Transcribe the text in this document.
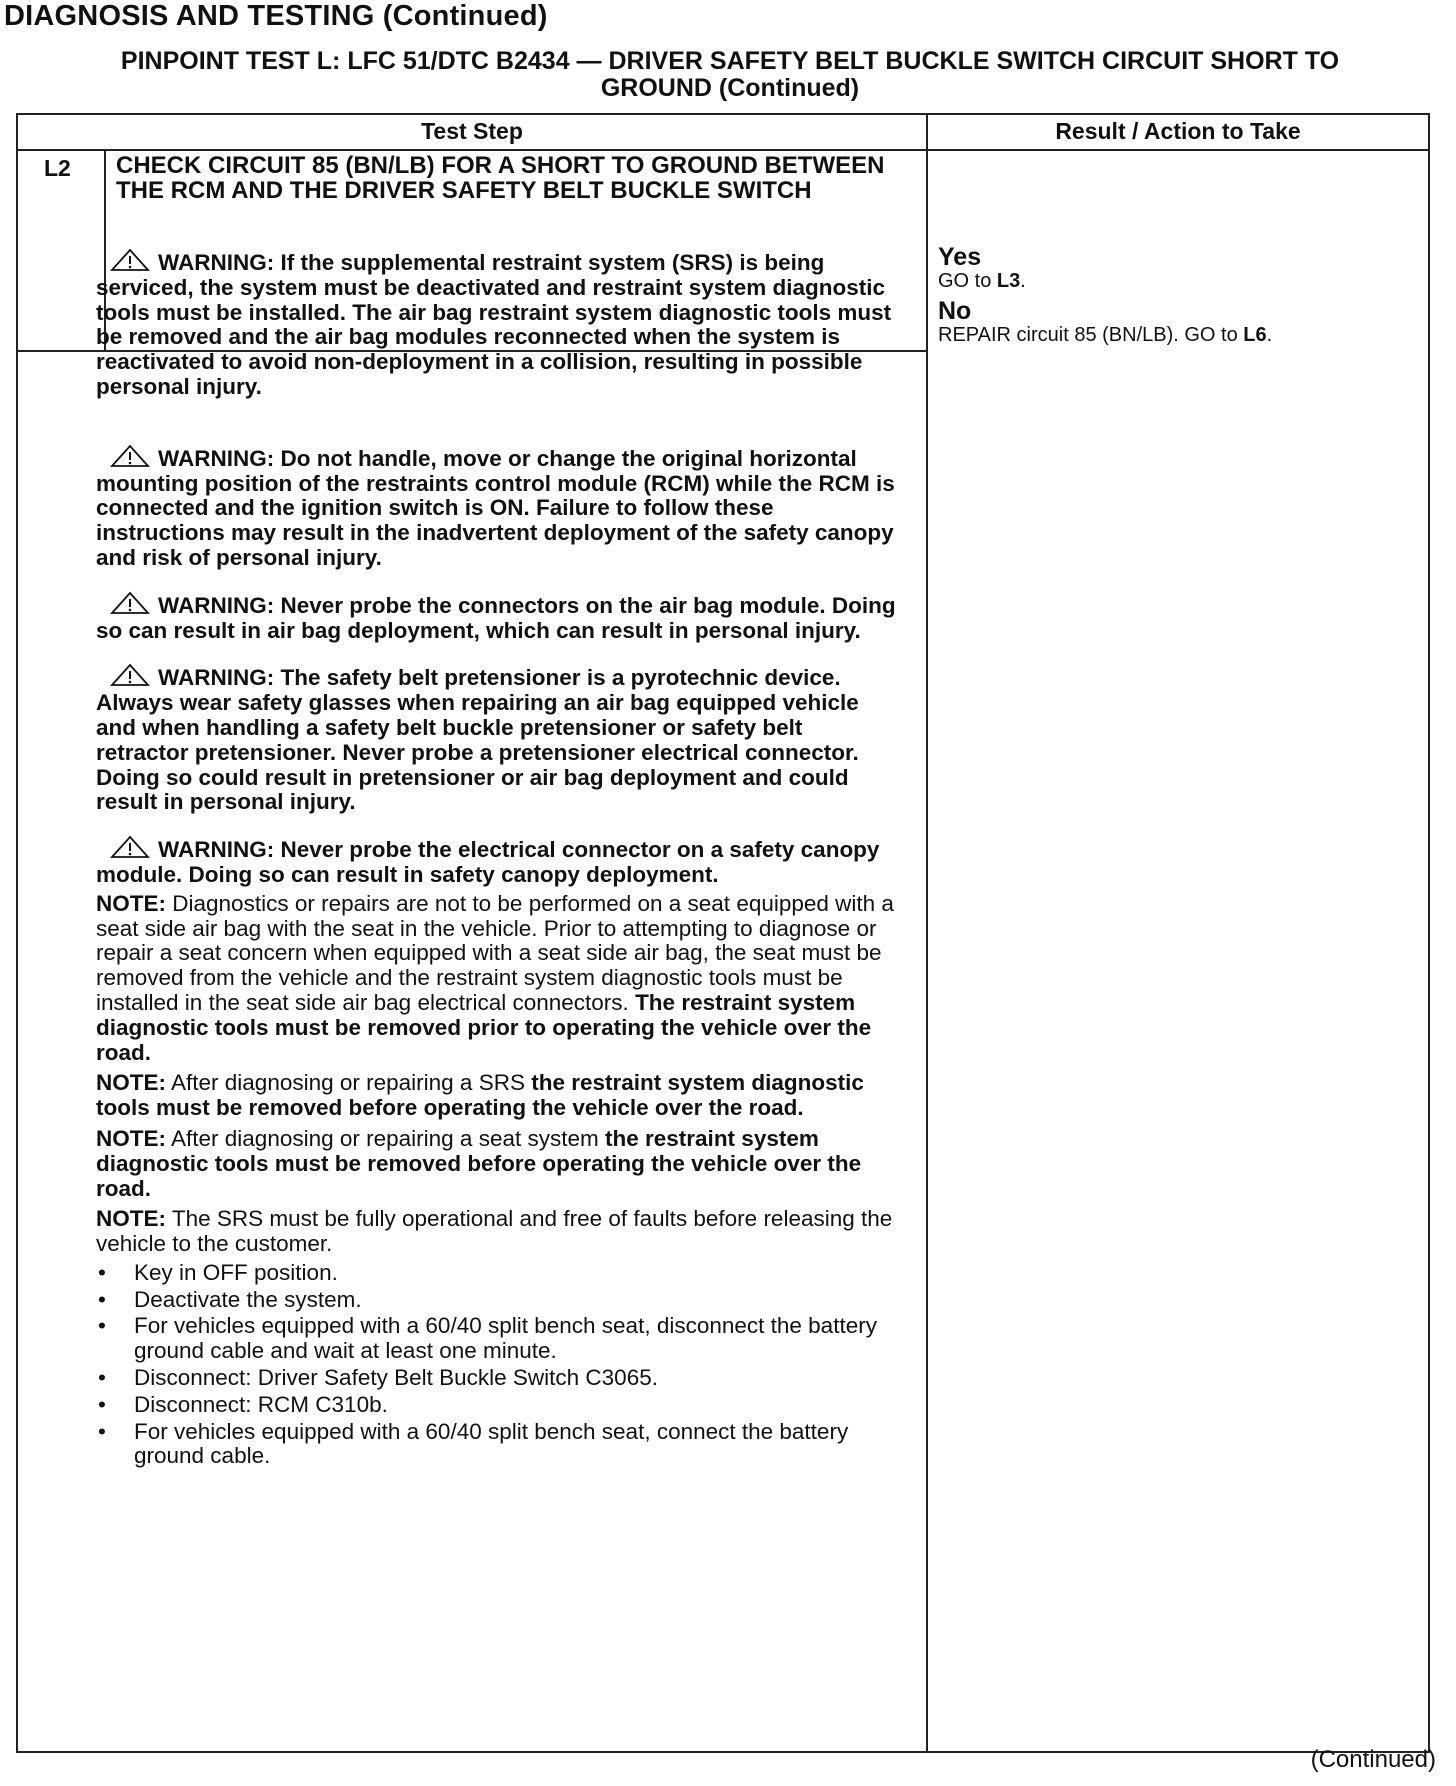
DIAGNOSIS AND TESTING (Continued)
PINPOINT TEST L: LFC 51/DTC B2434 — DRIVER SAFETY BELT BUCKLE SWITCH CIRCUIT SHORT TO
GROUND (Continued)
Test Step	Result / Action to Take
L2 CHECK CIRCUIT 85 (BN/LB) FOR A SHORT TO GROUND BETWEEN THE RCM AND THE DRIVER SAFETY BELT BUCKLE SWITCH
Yes
GO to L3.
No
REPAIR circuit 85 (BN/LB). GO to L6.

WARNING: If the supplemental restraint system (SRS) is being serviced, the system must be deactivated and restraint system diagnostic tools must be installed. The air bag restraint system diagnostic tools must be removed and the air bag modules reconnected when the system is reactivated to avoid non-deployment in a collision, resulting in possible personal injury.

WARNING: Do not handle, move or change the original horizontal mounting position of the restraints control module (RCM) while the RCM is connected and the ignition switch is ON. Failure to follow these instructions may result in the inadvertent deployment of the safety canopy and risk of personal injury.

WARNING: Never probe the connectors on the air bag module. Doing so can result in air bag deployment, which can result in personal injury.

WARNING: The safety belt pretensioner is a pyrotechnic device. Always wear safety glasses when repairing an air bag equipped vehicle and when handling a safety belt buckle pretensioner or safety belt retractor pretensioner. Never probe a pretensioner electrical connector. Doing so could result in pretensioner or air bag deployment and could result in personal injury.

WARNING: Never probe the electrical connector on a safety canopy module. Doing so can result in safety canopy deployment.

NOTE: Diagnostics or repairs are not to be performed on a seat equipped with a seat side air bag with the seat in the vehicle. Prior to attempting to diagnose or repair a seat concern when equipped with a seat side air bag, the seat must be removed from the vehicle and the restraint system diagnostic tools must be installed in the seat side air bag electrical connectors. The restraint system diagnostic tools must be removed prior to operating the vehicle over the road.

NOTE: After diagnosing or repairing a SRS the restraint system diagnostic tools must be removed before operating the vehicle over the road.

NOTE: After diagnosing or repairing a seat system the restraint system diagnostic tools must be removed before operating the vehicle over the road.

NOTE: The SRS must be fully operational and free of faults before releasing the vehicle to the customer.

• Key in OFF position.
• Deactivate the system.
• For vehicles equipped with a 60/40 split bench seat, disconnect the battery ground cable and wait at least one minute.
• Disconnect: Driver Safety Belt Buckle Switch C3065.
• Disconnect: RCM C310b.
• For vehicles equipped with a 60/40 split bench seat, connect the battery ground cable.
(Continued)
